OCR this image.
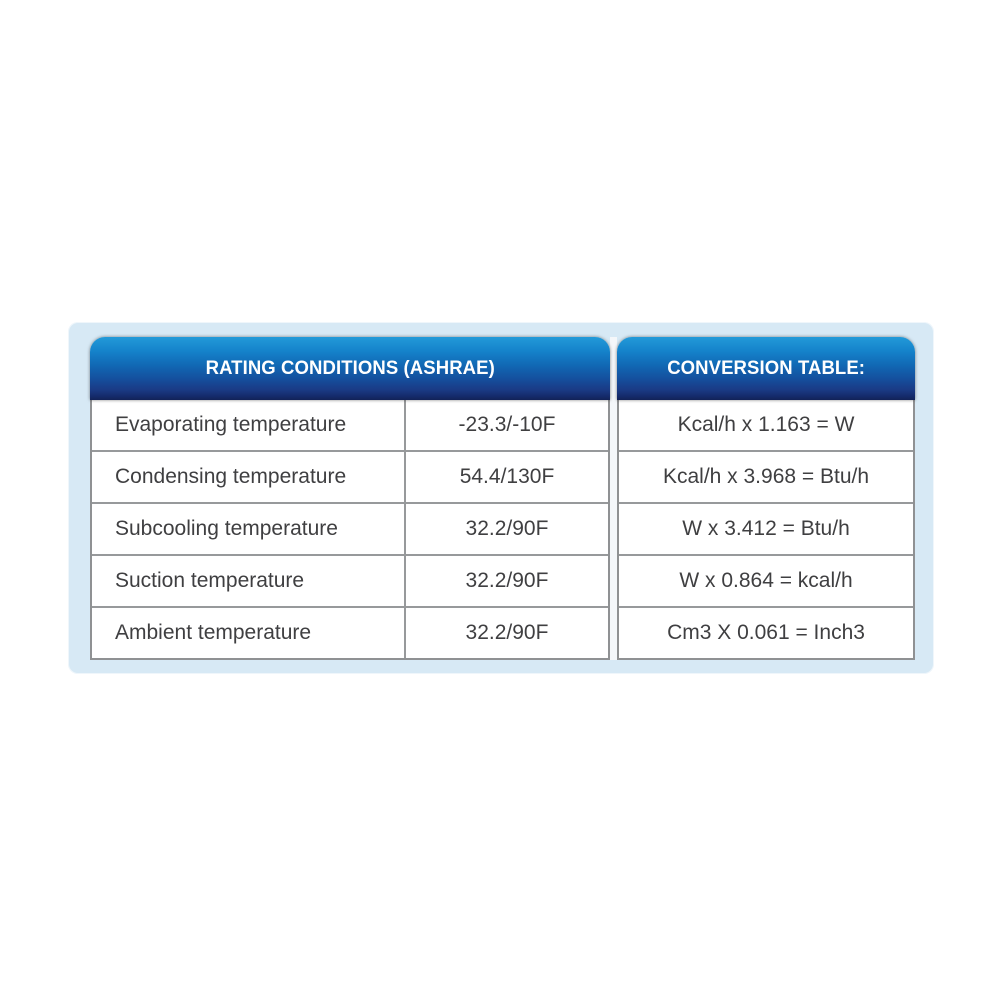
RATING CONDITIONS (ASHRAE)
Evaporating temperature	-23.3/-10F
Condensing temperature	54.4/130F
Subcooling temperature	32.2/90F
Suction temperature	32.2/90F
Ambient temperature	32.2/90F
CONVERSION TABLE:
Kcal/h x 1.163 = W
Kcal/h x 3.968 = Btu/h
W x 3.412 = Btu/h
W x 0.864 = kcal/h
Cm3 X 0.061 = Inch3
